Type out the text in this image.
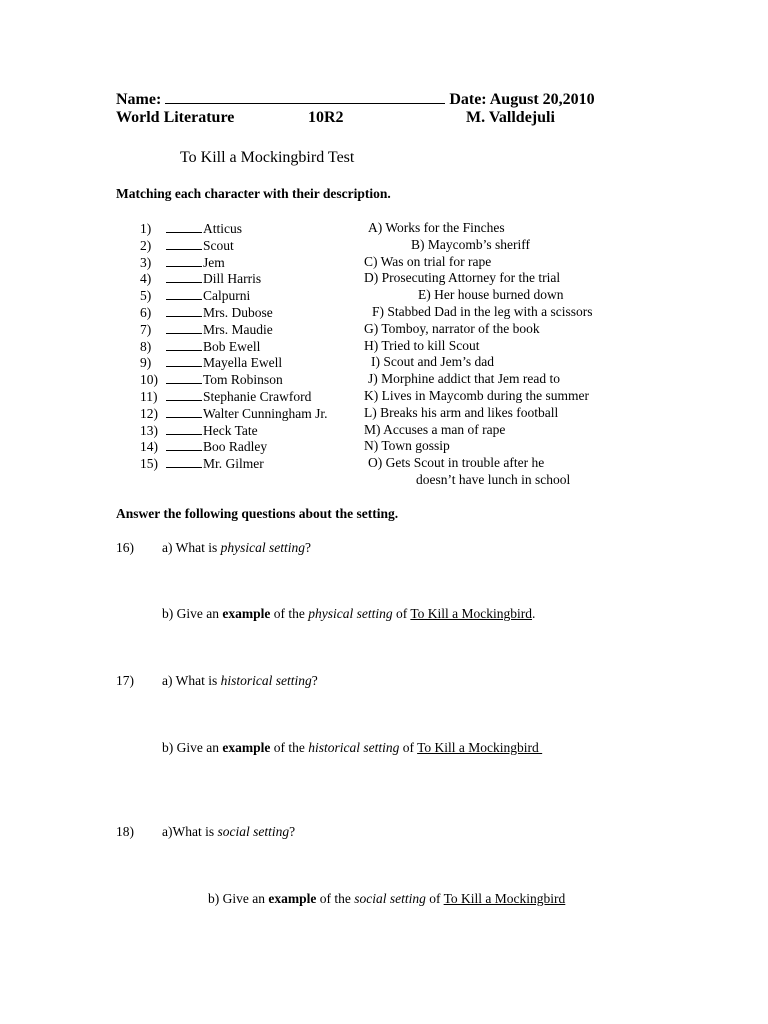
Name:	Date: August 20,2010
World Literature	10R2	M. Valldejuli
To Kill a Mockingbird Test
Matching each character with their description.
1)	Atticus
2)	Scout
3)	Jem
4)	Dill Harris
5)	Calpurni
6)	Mrs. Dubose
7)	Mrs. Maudie
8)	Bob Ewell
9)	Mayella Ewell
10)	Tom Robinson
11)	Stephanie Crawford
12)	Walter Cunningham Jr.
13)	Heck Tate
14)	Boo Radley
15)	Mr. Gilmer
A) Works for the Finches
B) Maycomb’s sheriff
C) Was on trial for rape
D) Prosecuting Attorney for the trial
E) Her house burned down
F) Stabbed Dad in the leg with a scissors
G) Tomboy, narrator of the book
H) Tried to kill Scout
I) Scout and Jem’s dad
J) Morphine addict that Jem read to
K) Lives in Maycomb during the summer
L) Breaks his arm and likes football
M) Accuses a man of rape
N) Town gossip
O) Gets Scout in trouble after he
doesn’t have lunch in school
Answer the following questions about the setting.
16) a) What is physical setting?
b) Give an example of the physical setting of To Kill a Mockingbird.
17) a) What is historical setting?
b) Give an example of the historical setting of To Kill a Mockingbird
18) a)What is social setting?
b) Give an example of the social setting of To Kill a Mockingbird
